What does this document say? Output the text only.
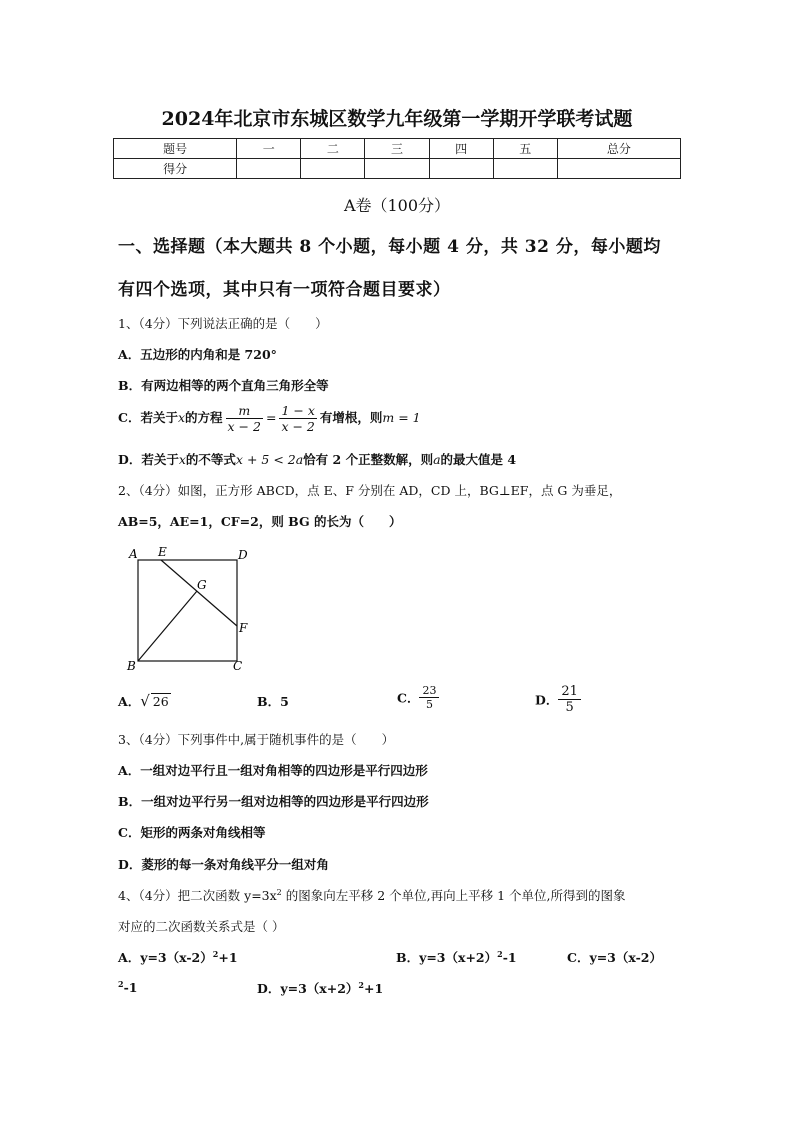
2024年北京市东城区数学九年级第一学期开学联考试题
题号	一	二	三	四	五	总分
得分						
A卷（100分）
一、选择题（本大题共 8 个小题，每小题 4 分，共 32 分，每小题均
有四个选项，其中只有一项符合题目要求）
1、（4分）下列说法正确的是（　　）
A．五边形的内角和是 720°
B．有两边相等的两个直角三角形全等
C．若关于x的方程 $\frac{m}{x - 2} = \frac{1 - x}{x - 2}$ 有增根，则m = 1
D．若关于x的不等式x + 5 < 2a恰有 2 个正整数解，则a的最大值是 4
2、（4分）如图，正方形 ABCD，点 E、F 分别在 AD，CD 上，BG⊥EF，点 G 为垂足，
AB=5，AE=1，CF=2，则 BG 的长为（　　）
A E	D
G
F
B	C
A．√ 26	B．5	C． $\frac{23}{5}$	D． $\frac{21}{5}$
3、（4分）下列事件中,属于随机事件的是（　　）
A．一组对边平行且一组对角相等的四边形是平行四边形
B．一组对边平行另一组对边相等的四边形是平行四边形
C．矩形的两条对角线相等
D．菱形的每一条对角线平分一组对角
4、（4分）把二次函数 $y=3x^2$ 的图象向左平移 2 个单位,再向上平移 1 个单位,所得到的图象
对应的二次函数关系式是（ ）
A．$y=3(x-2)^2+1$	B．$y=3(x+2)^2-1$	C．y=3（x-2）
$^2$-1	D．$y=3(x+2)^2+1$
